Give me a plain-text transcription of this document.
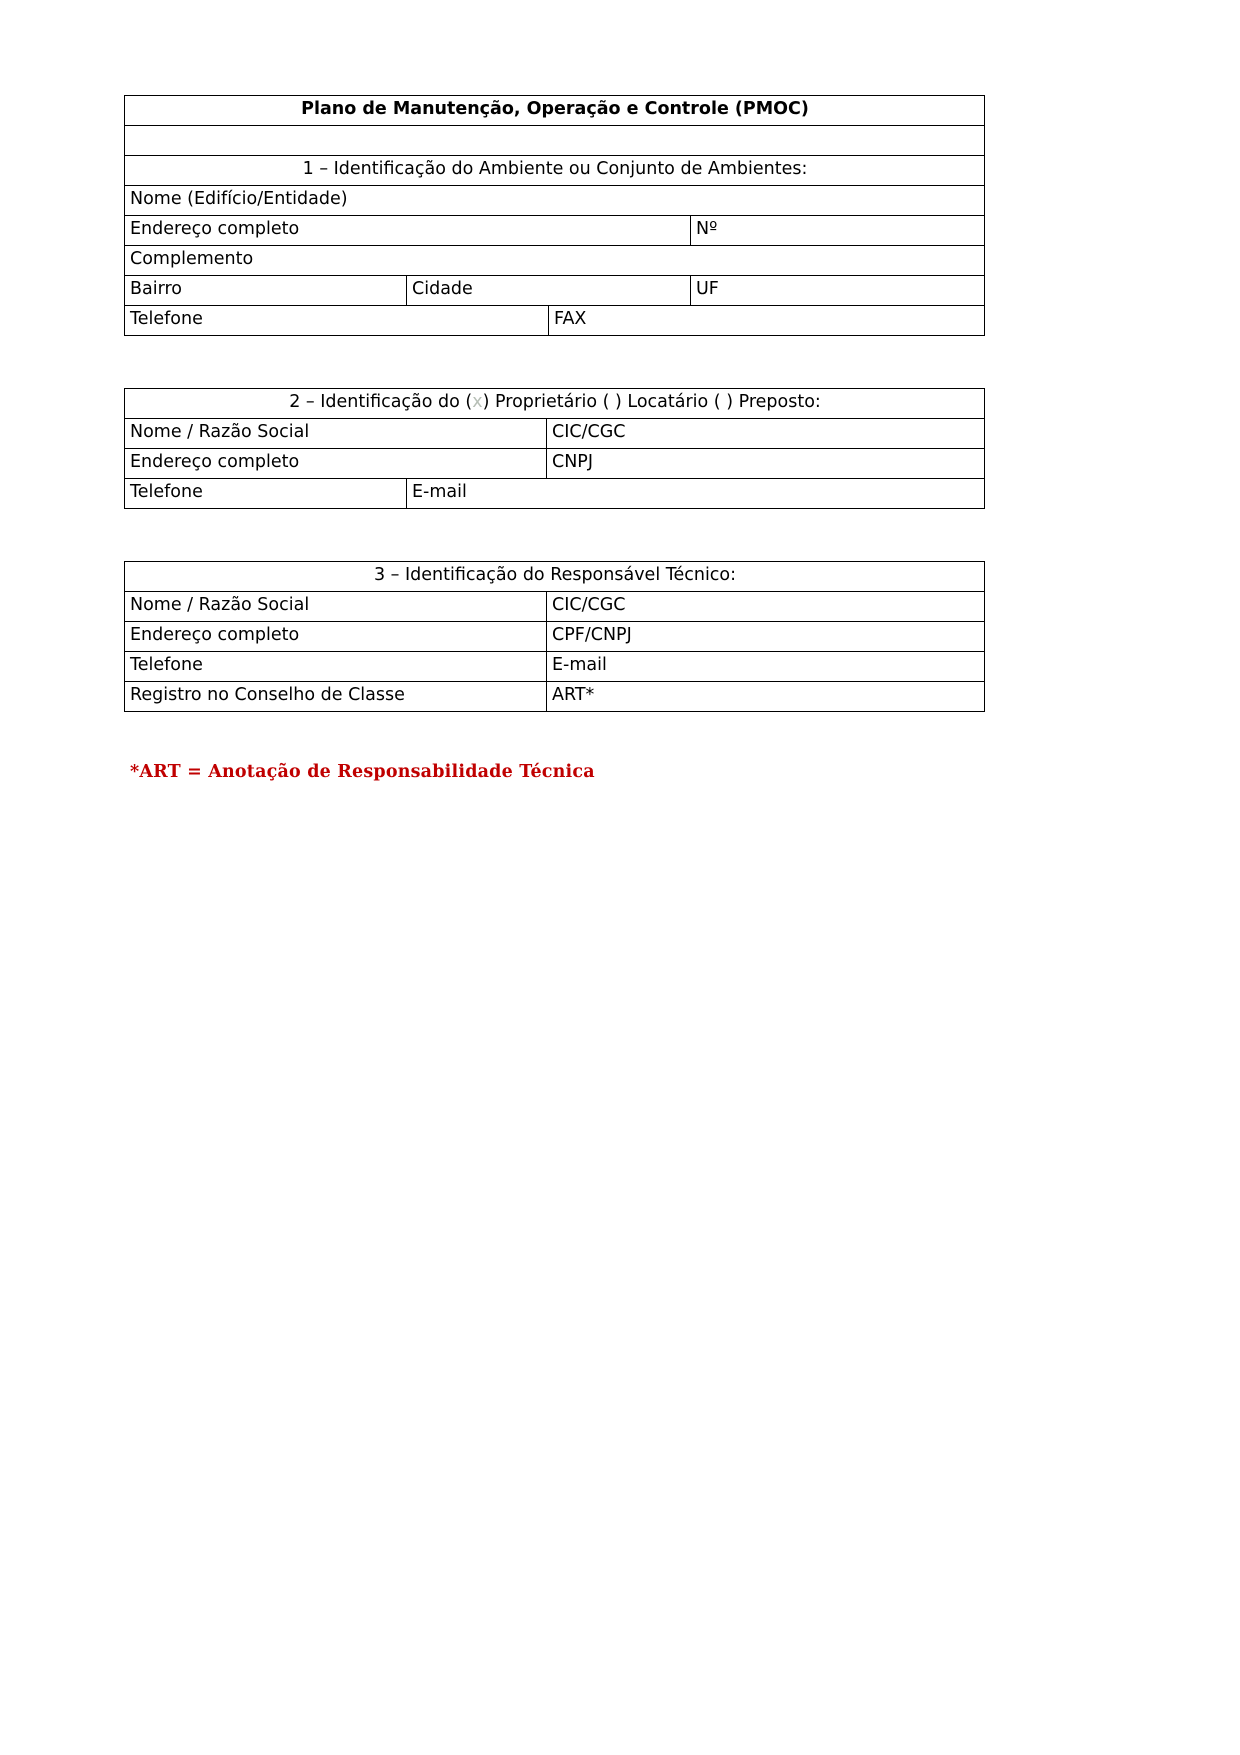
Plano de Manutenção, Operação e Controle (PMOC)			

1 – Identificação do Ambiente ou Conjunto de Ambientes:			
Nome (Edifício/Entidade)			
Endereço completo			Nº
Complemento			
Bairro	Cidade		UF
Telefone		FAX	
2 – Identificação do (x) Proprietário ( ) Locatário ( ) Preposto:		
Nome / Razão Social		CIC/CGC
Endereço completo		CNPJ
Telefone	E-mail	
3 – Identificação do Responsável Técnico:	
Nome / Razão Social	CIC/CGC
Endereço completo	CPF/CNPJ
Telefone	E-mail
Registro no Conselho de Classe	ART*
*ART = Anotação de Responsabilidade Técnica
